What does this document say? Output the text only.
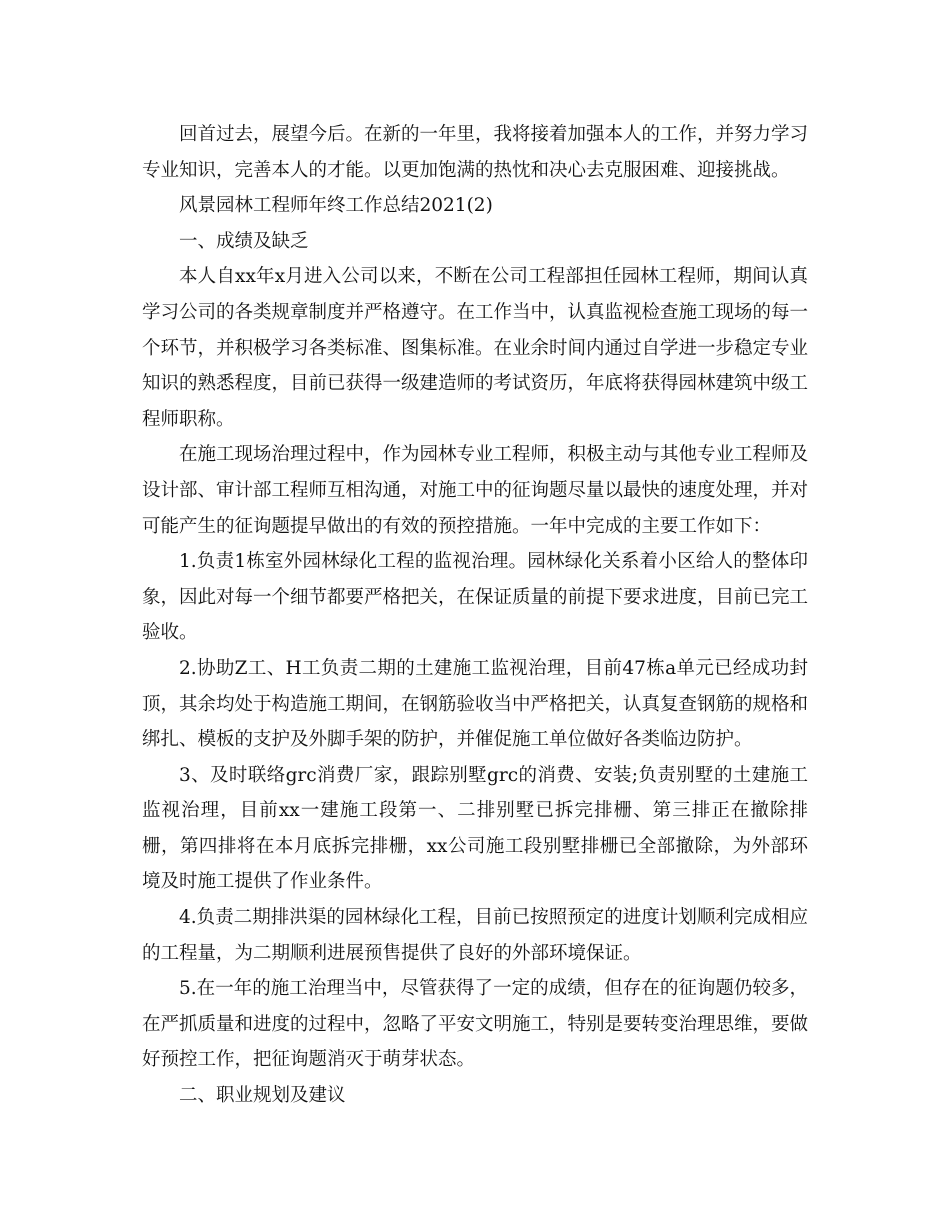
回首过去，展望今后。在新的一年里，我将接着加强本人的工作，并努力学习专业知识，完善本人的才能。以更加饱满的热忱和决心去克服困难、迎接挑战。

风景园林工程师年终工作总结2021(2)

一、成绩及缺乏

本人自xx年x月进入公司以来，不断在公司工程部担任园林工程师，期间认真学习公司的各类规章制度并严格遵守。在工作当中，认真监视检查施工现场的每一个环节，并积极学习各类标准、图集标准。在业余时间内通过自学进一步稳定专业知识的熟悉程度，目前已获得一级建造师的考试资历，年底将获得园林建筑中级工程师职称。

在施工现场治理过程中，作为园林专业工程师，积极主动与其他专业工程师及设计部、审计部工程师互相沟通，对施工中的征询题尽量以最快的速度处理，并对可能产生的征询题提早做出的有效的预控措施。一年中完成的主要工作如下：

1.负责1栋室外园林绿化工程的监视治理。园林绿化关系着小区给人的整体印象，因此对每一个细节都要严格把关，在保证质量的前提下要求进度，目前已完工验收。

2.协助Z工、H工负责二期的土建施工监视治理，目前47栋a单元已经成功封顶，其余均处于构造施工期间，在钢筋验收当中严格把关，认真复查钢筋的规格和绑扎、模板的支护及外脚手架的防护，并催促施工单位做好各类临边防护。

3、及时联络grc消费厂家，跟踪别墅grc的消费、安装;负责别墅的土建施工监视治理，目前xx一建施工段第一、二排别墅已拆完排栅、第三排正在撤除排栅，第四排将在本月底拆完排栅，xx公司施工段别墅排栅已全部撤除，为外部环境及时施工提供了作业条件。

4.负责二期排洪渠的园林绿化工程，目前已按照预定的进度计划顺利完成相应的工程量，为二期顺利进展预售提供了良好的外部环境保证。

5.在一年的施工治理当中，尽管获得了一定的成绩，但存在的征询题仍较多，在严抓质量和进度的过程中，忽略了平安文明施工，特别是要转变治理思维，要做好预控工作，把征询题消灭于萌芽状态。

二、职业规划及建议
